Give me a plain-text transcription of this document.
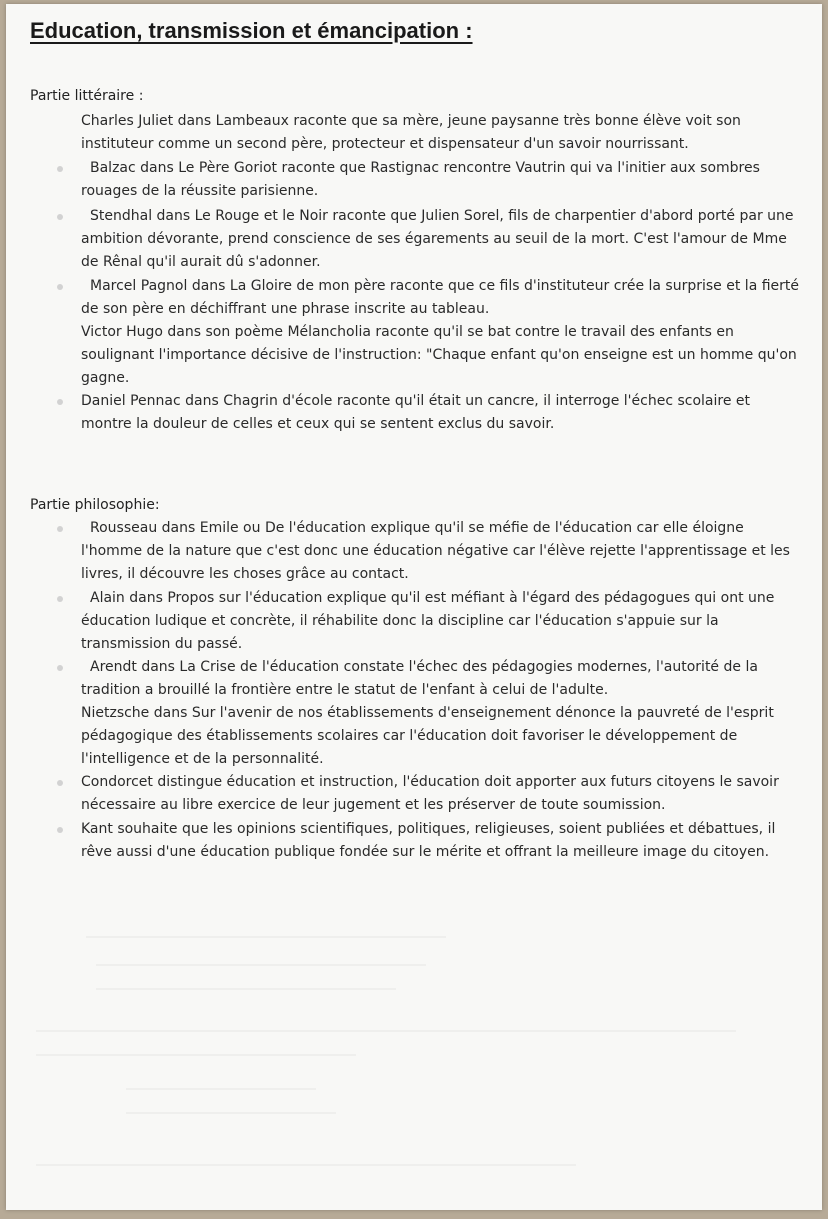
Education, transmission et émancipation :
Partie littéraire :
Charles Juliet dans Lambeaux raconte que sa mère, jeune paysanne très bonne élève voit son instituteur comme un second père, protecteur et dispensateur d'un savoir nourrissant.
Balzac dans Le Père Goriot raconte que Rastignac rencontre Vautrin qui va l'initier aux sombres rouages de la réussite parisienne.
Stendhal dans Le Rouge et le Noir raconte que Julien Sorel, fils de charpentier d'abord porté par une ambition dévorante, prend conscience de ses égarements au seuil de la mort. C'est l'amour de Mme de Rênal qu'il aurait dû s'adonner.
Marcel Pagnol dans La Gloire de mon père raconte que ce fils d'instituteur crée la surprise et la fierté de son père en déchiffrant une phrase inscrite au tableau.
Victor Hugo dans son poème Mélancholia raconte qu'il se bat contre le travail des enfants en soulignant l'importance décisive de l'instruction: "Chaque enfant qu'on enseigne est un homme qu'on gagne.
Daniel Pennac dans Chagrin d'école raconte qu'il était un cancre, il interroge l'échec scolaire et montre la douleur de celles et ceux qui se sentent exclus du savoir.
Partie philosophie:
Rousseau dans Emile ou De l'éducation explique qu'il se méfie de l'éducation car elle éloigne l'homme de la nature que c'est donc une éducation négative car l'élève rejette l'apprentissage et les livres, il découvre les choses grâce au contact.
Alain dans Propos sur l'éducation explique qu'il est méfiant à l'égard des pédagogues qui ont une éducation ludique et concrète, il réhabilite donc la discipline car l'éducation s'appuie sur la transmission du passé.
Arendt dans La Crise de l'éducation constate l'échec des pédagogies modernes, l'autorité de la tradition a brouillé la frontière entre le statut de l'enfant à celui de l'adulte.
Nietzsche dans Sur l'avenir de nos établissements d'enseignement dénonce la pauvreté de l'esprit pédagogique des établissements scolaires car l'éducation doit favoriser le développement de l'intelligence et de la personnalité.
Condorcet distingue éducation et instruction, l'éducation doit apporter aux futurs citoyens le savoir nécessaire au libre exercice de leur jugement et les préserver de toute soumission.
Kant souhaite que les opinions scientifiques, politiques, religieuses, soient publiées et débattues, il rêve aussi d'une éducation publique fondée sur le mérite et offrant la meilleure image du citoyen.
